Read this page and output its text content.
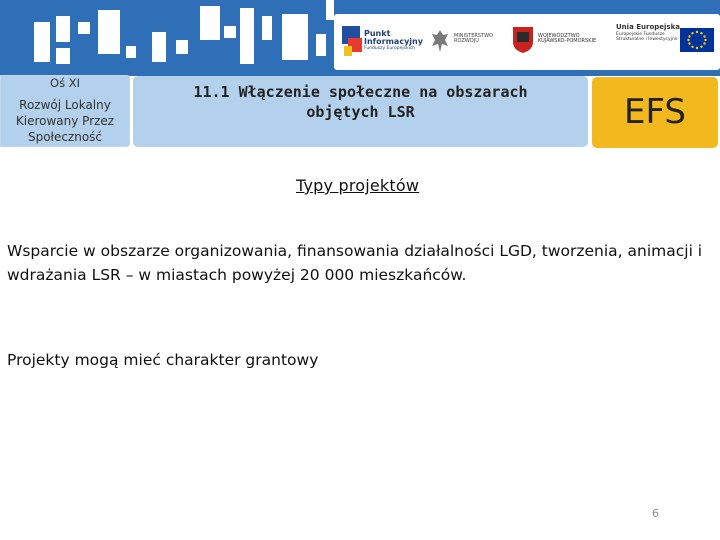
Punkt
Informacyjny
Funduszy Europejskich
MINISTERSTWO
ROZWOJU
WOJEWÓDZTWO
KUJAWSKO-POMORSKIE
Unia Europejska
Europejskie Fundusze
Strukturalne i Inwestycyjne
Oś XI
Rozwój Lokalny
Kierowany Przez
Społeczność
11.1 Włączenie społeczne na obszarach
objętych LSR	EFS
Typy projektów
Wsparcie w obszarze organizowania, finansowania działalności LGD, tworzenia, animacji i wdrażania LSR – w miastach powyżej 20 000 mieszkańców.
Projekty mogą mieć charakter grantowy
6
